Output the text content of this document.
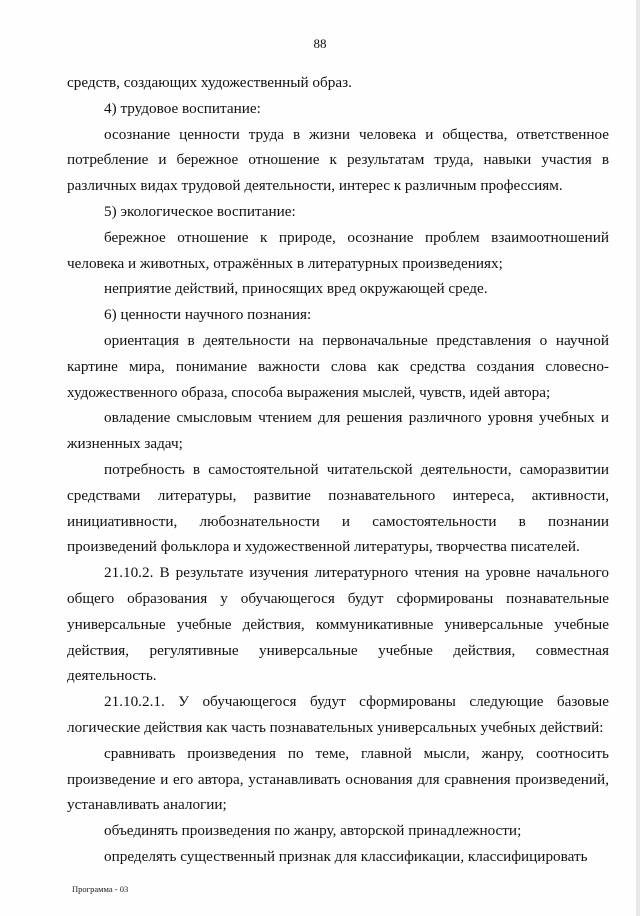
88

средств, создающих художественный образ.

4) трудовое воспитание:

осознание ценности труда в жизни человека и общества, ответственное потребление и бережное отношение к результатам труда, навыки участия в различных видах трудовой деятельности, интерес к различным профессиям.

5) экологическое воспитание:

бережное отношение к природе, осознание проблем взаимоотношений человека и животных, отражённых в литературных произведениях;

неприятие действий, приносящих вред окружающей среде.

6) ценности научного познания:

ориентация в деятельности на первоначальные представления о научной картине мира, понимание важности слова как средства создания словесно-художественного образа, способа выражения мыслей, чувств, идей автора;

овладение смысловым чтением для решения различного уровня учебных и жизненных задач;

потребность в самостоятельной читательской деятельности, саморазвитии средствами литературы, развитие познавательного интереса, активности, инициативности, любознательности и самостоятельности в познании произведений фольклора и художественной литературы, творчества писателей.

21.10.2. В результате изучения литературного чтения на уровне начального общего образования у обучающегося будут сформированы познавательные универсальные учебные действия, коммуникативные универсальные учебные действия, регулятивные универсальные учебные действия, совместная деятельность.

21.10.2.1. У обучающегося будут сформированы следующие базовые логические действия как часть познавательных универсальных учебных действий:

сравнивать произведения по теме, главной мысли, жанру, соотносить произведение и его автора, устанавливать основания для сравнения произведений, устанавливать аналогии;

объединять произведения по жанру, авторской принадлежности;

определять существенный признак для классификации, классифицировать

Программа - 03
